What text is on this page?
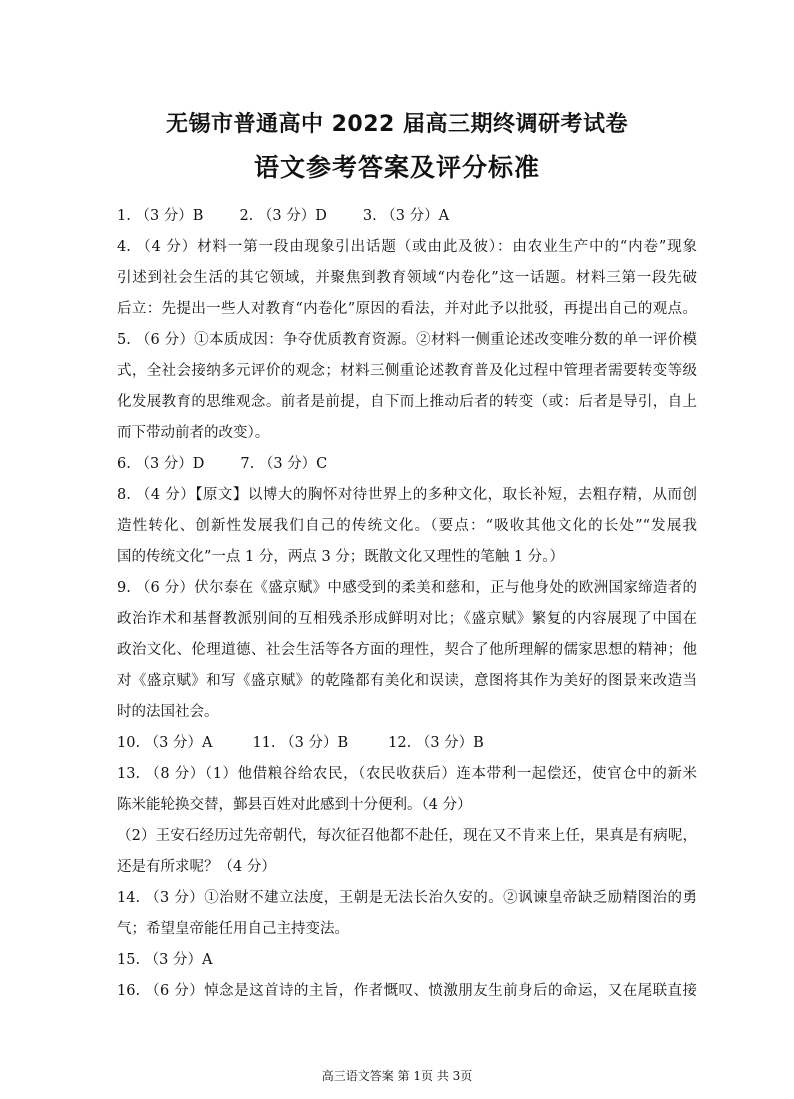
无锡市普通高中 2022 届高三期终调研考试卷
语文参考答案及评分标准
1. （3 分）B 2. （3 分）D 3. （3 分）A
4. （4 分）材料一第一段由现象引出话题（或由此及彼）：由农业生产中的“内卷”现象
引述到社会生活的其它领域，并聚焦到教育领域“内卷化”这一话题。材料三第一段先破
后立：先提出一些人对教育“内卷化”原因的看法，并对此予以批驳，再提出自己的观点。
5. （6 分）①本质成因：争夺优质教育资源。②材料一侧重论述改变唯分数的单一评价模
式，全社会接纳多元评价的观念；材料三侧重论述教育普及化过程中管理者需要转变等级
化发展教育的思维观念。前者是前提，自下而上推动后者的转变（或：后者是导引，自上
而下带动前者的改变）。
6. （3 分）D 7. （3 分）C
8. （4 分）【原文】以博大的胸怀对待世界上的多种文化，取长补短，去粗存精，从而创
造性转化、创新性发展我们自己的传统文化。（要点：“吸收其他文化的长处”“发展我
国的传统文化”一点 1 分，两点 3 分；既散文化又理性的笔触 1 分。）
9. （6 分）伏尔泰在《盛京赋》中感受到的柔美和慈和，正与他身处的欧洲国家缔造者的
政治诈术和基督教派别间的互相残杀形成鲜明对比；《盛京赋》繁复的内容展现了中国在
政治文化、伦理道德、社会生活等各方面的理性，契合了他所理解的儒家思想的精神；他
对《盛京赋》和写《盛京赋》的乾隆都有美化和误读，意图将其作为美好的图景来改造当
时的法国社会。
10. （3 分）A	11. （3 分）B	12. （3 分）B
13. （8 分）（1）他借粮谷给农民，（农民收获后）连本带利一起偿还，使官仓中的新米
陈米能轮换交替，鄞县百姓对此感到十分便利。（4 分）
（2）王安石经历过先帝朝代，每次征召他都不赴任，现在又不肯来上任，果真是有病呢，
还是有所求呢？（4 分）
14. （3 分）①治财不建立法度，王朝是无法长治久安的。②讽谏皇帝缺乏励精图治的勇
气；希望皇帝能任用自己主持变法。
15. （3 分）A
16. （6 分）悼念是这首诗的主旨，作者慨叹、愤激朋友生前身后的命运，又在尾联直接
高三语文答案 第 1页 共 3页
